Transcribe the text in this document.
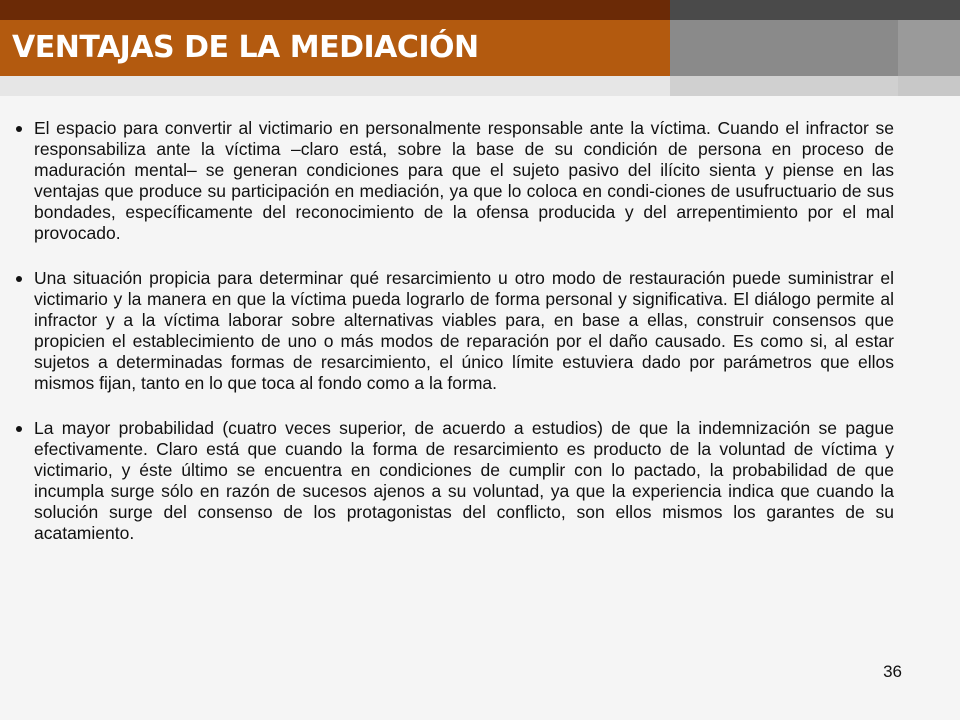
VENTAJAS DE LA MEDIACIÓN
El espacio para convertir al victimario en personalmente responsable ante la víctima. Cuando el infractor se responsabiliza ante la víctima –claro está, sobre la base de su condición de persona en proceso de maduración mental– se generan condiciones para que el sujeto pasivo del ilícito sienta y piense en las ventajas que produce su participación en mediación, ya que lo coloca en condi-ciones de usufructuario de sus bondades, específicamente del reconocimiento de la ofensa producida y del arrepentimiento por el mal provocado.
Una situación propicia para determinar qué resarcimiento u otro modo de restauración puede suministrar el victimario y la manera en que la víctima pueda lograrlo de forma personal y significativa. El diálogo permite al infractor y a la víctima laborar sobre alternativas viables para, en base a ellas, construir consensos que propicien el establecimiento de uno o más modos de reparación por el daño causado. Es como si, al estar sujetos a determinadas formas de resarcimiento, el único límite estuviera dado por parámetros que ellos mismos fijan, tanto en lo que toca al fondo como a la forma.
La mayor probabilidad (cuatro veces superior, de acuerdo a estudios) de que la indemnización se pague efectivamente. Claro está que cuando la forma de resarcimiento es producto de la voluntad de víctima y victimario, y éste último se encuentra en condiciones de cumplir con lo pactado, la probabilidad de que incumpla surge sólo en razón de sucesos ajenos a su voluntad, ya que la experiencia indica que cuando la solución surge del consenso de los protagonistas del conflicto, son ellos mismos los garantes de su acatamiento.
36
